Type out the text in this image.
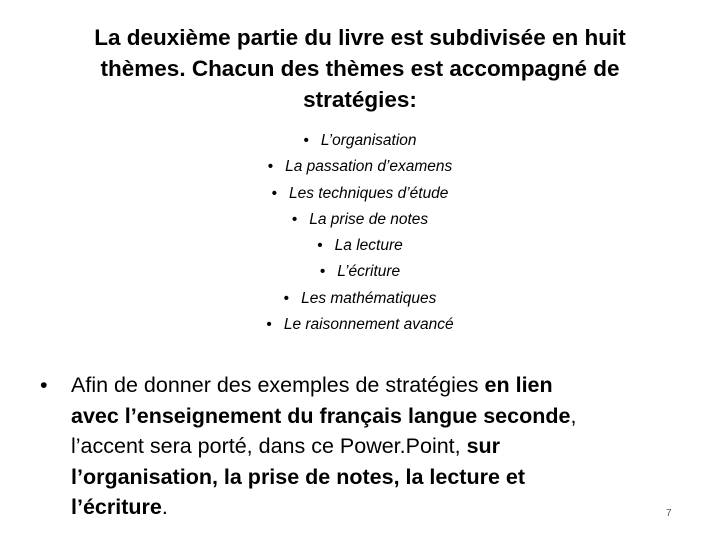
La deuxième partie du livre est subdivisée en huit
thèmes. Chacun des thèmes est accompagné de
stratégies:
• L’organisation
• La passation d’examens
• Les techniques d’étude
• La prise de notes
• La lecture
• L’écriture
• Les mathématiques
• Le raisonnement avancé
• Afin de donner des exemples de stratégies en lien
avec l’enseignement du français langue seconde,
l’accent sera porté, dans ce Power.Point, sur
l’organisation, la prise de notes, la lecture et
l’écriture.	7
